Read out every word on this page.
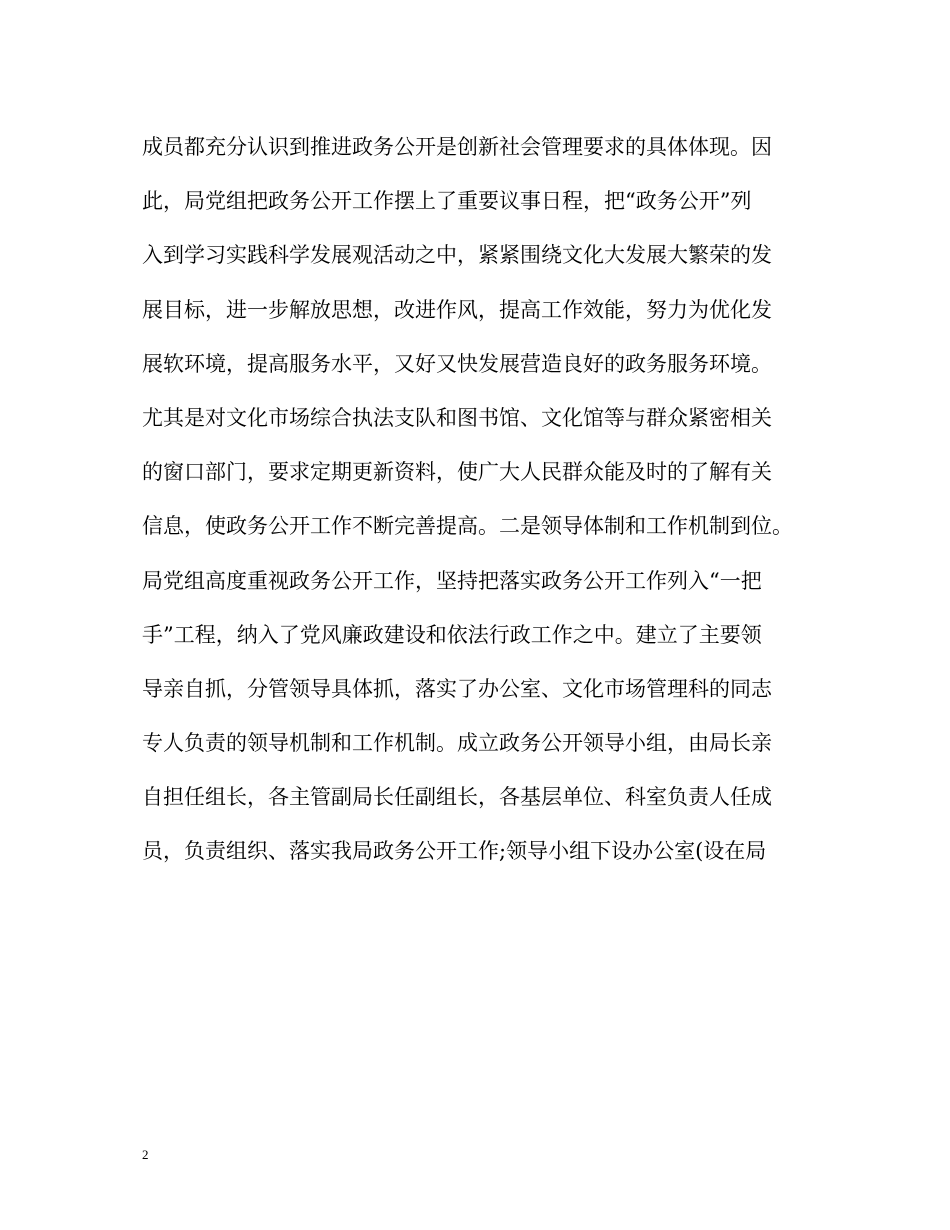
成员都充分认识到推进政务公开是创新社会管理要求的具体体现。因
此，局党组把政务公开工作摆上了重要议事日程，把“政务公开”列
入到学习实践科学发展观活动之中，紧紧围绕文化大发展大繁荣的发
展目标，进一步解放思想，改进作风，提高工作效能，努力为优化发
展软环境，提高服务水平，又好又快发展营造良好的政务服务环境。
尤其是对文化市场综合执法支队和图书馆、文化馆等与群众紧密相关
的窗口部门，要求定期更新资料，使广大人民群众能及时的了解有关
信息，使政务公开工作不断完善提高。二是领导体制和工作机制到位。
局党组高度重视政务公开工作，坚持把落实政务公开工作列入“一把
手”工程，纳入了党风廉政建设和依法行政工作之中。建立了主要领
导亲自抓，分管领导具体抓，落实了办公室、文化市场管理科的同志
专人负责的领导机制和工作机制。成立政务公开领导小组，由局长亲
自担任组长，各主管副局长任副组长，各基层单位、科室负责人任成
员，负责组织、落实我局政务公开工作;领导小组下设办公室(设在局
2
